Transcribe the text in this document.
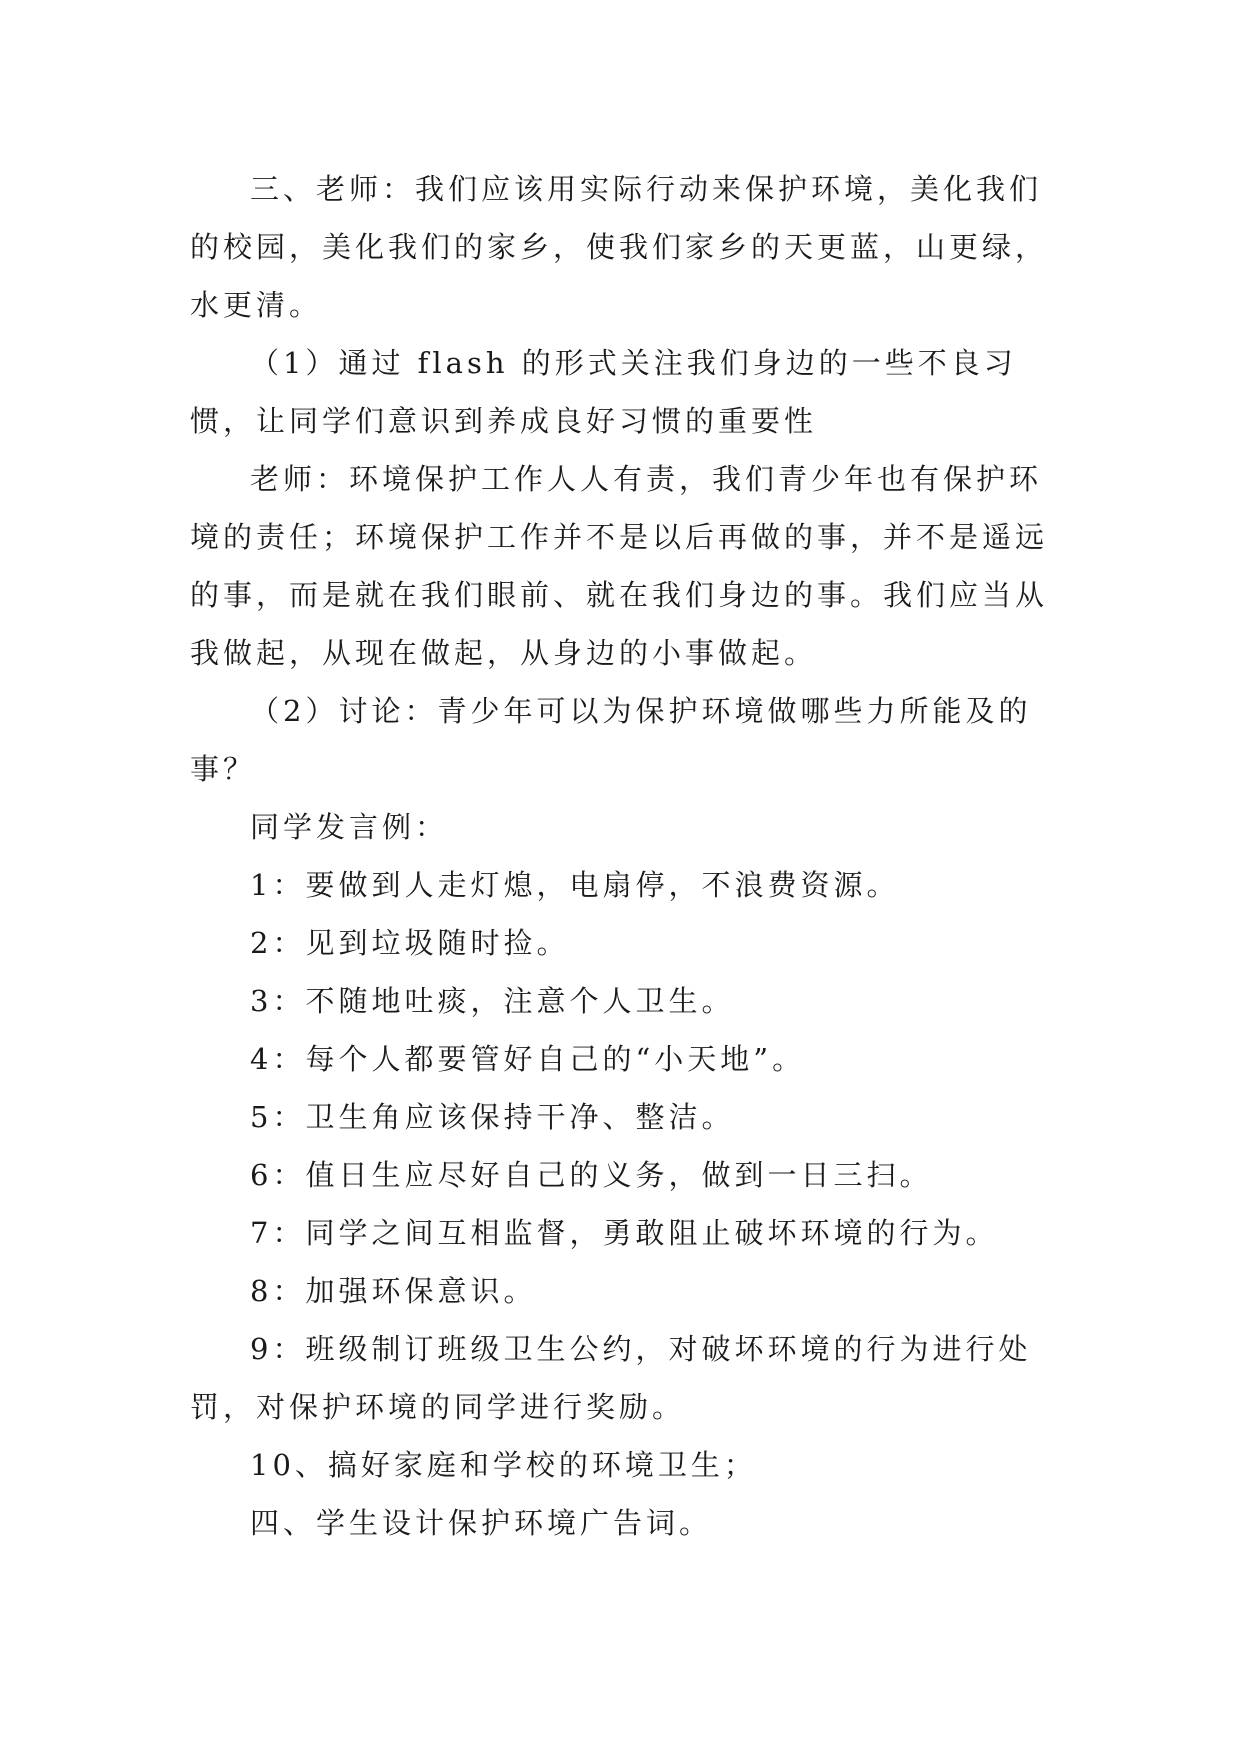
三、老师：我们应该用实际行动来保护环境，美化我们的校园，美化我们的家乡，使我们家乡的天更蓝，山更绿，水更清。

（1）通过 flash 的形式关注我们身边的一些不良习惯，让同学们意识到养成良好习惯的重要性

老师：环境保护工作人人有责，我们青少年也有保护环境的责任；环境保护工作并不是以后再做的事，并不是遥远的事，而是就在我们眼前、就在我们身边的事。我们应当从我做起，从现在做起，从身边的小事做起。

（2）讨论：青少年可以为保护环境做哪些力所能及的事？

同学发言例：

1：要做到人走灯熄，电扇停，不浪费资源。

2：见到垃圾随时捡。

3：不随地吐痰，注意个人卫生。

4：每个人都要管好自己的“小天地”。

5：卫生角应该保持干净、整洁。

6：值日生应尽好自己的义务，做到一日三扫。

7：同学之间互相监督，勇敢阻止破坏环境的行为。

8：加强环保意识。

9：班级制订班级卫生公约，对破坏环境的行为进行处罚，对保护环境的同学进行奖励。

10、搞好家庭和学校的环境卫生；

四、学生设计保护环境广告词。
